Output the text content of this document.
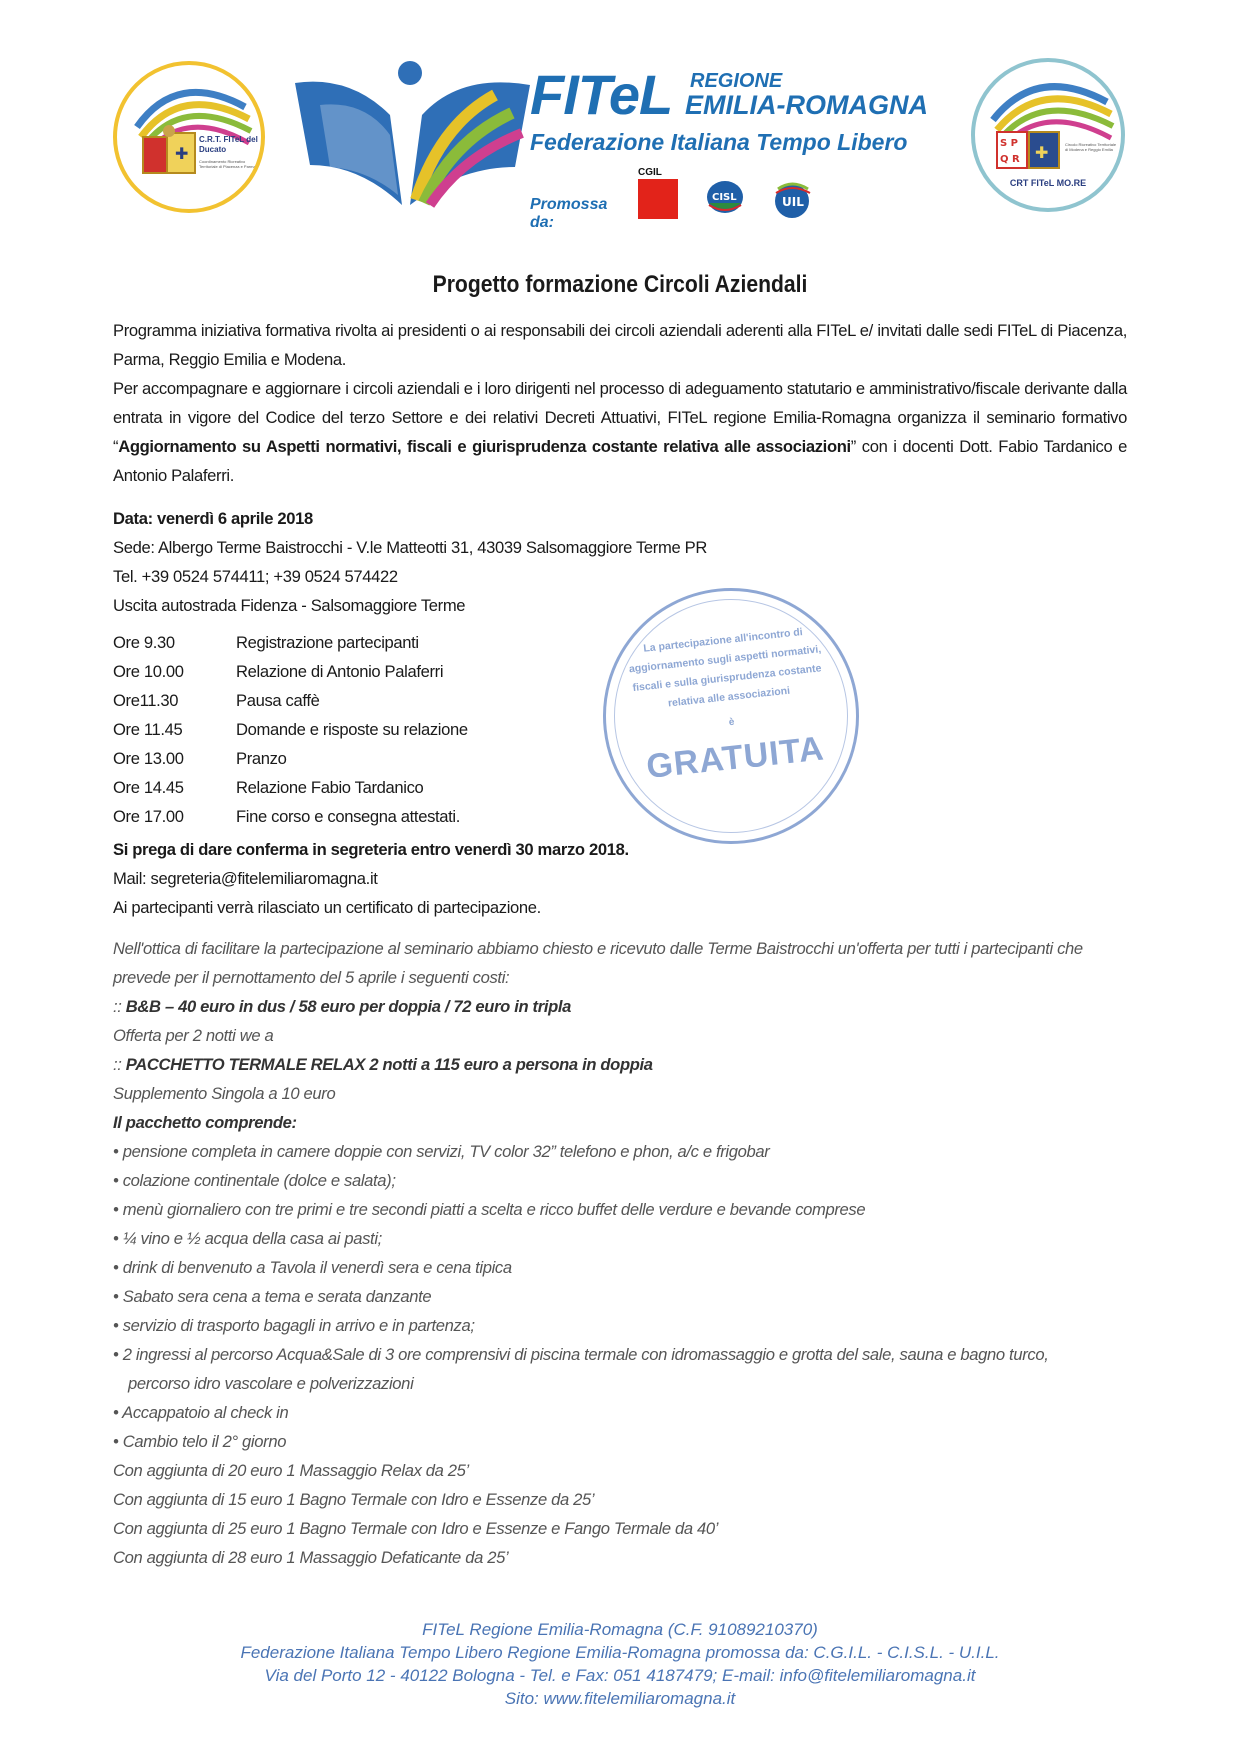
✚
C.R.T. FITeL del Ducato
Coordinamento Ricreativo Territoriale di Piacenza e Parma
FITeL REGIONE
EMILIA-ROMAGNA
Federazione Italiana Tempo Libero
Promossa da:
CGIL
CISL	UIL
S P
Q R ✚	Circolo Ricreativo Territoriale di Modena e Reggio Emilia
CRT FITeL MO.RE
La partecipazione all'incontro di aggiornamento sugli aspetti normativi, fiscali e sulla giurisprudenza costante relativa alle associazioni
è
GRATUITA
Progetto formazione Circoli Aziendali

Programma iniziativa formativa rivolta ai presidenti o ai responsabili dei circoli aziendali aderenti alla FITeL e/ invitati dalle sedi FITeL di Piacenza, Parma, Reggio Emilia e Modena.

Per accompagnare e aggiornare i circoli aziendali e i loro dirigenti nel processo di adeguamento statutario e amministrativo/fiscale derivante dalla entrata in vigore del Codice del terzo Settore e dei relativi Decreti Attuativi, FITeL regione Emilia-Romagna organizza il seminario formativo “Aggiornamento su Aspetti normativi, fiscali e giurisprudenza costante relativa alle associazioni” con i docenti Dott. Fabio Tardanico e Antonio Palaferri.

Data: venerdì 6 aprile 2018
Sede: Albergo Terme Baistrocchi - V.le Matteotti 31, 43039 Salsomaggiore Terme PR
Tel. +39 0524 574411; +39 0524 574422
Uscita autostrada Fidenza - Salsomaggiore Terme
Ore 9.30	Registrazione partecipanti
Ore 10.00	Relazione di Antonio Palaferri
Ore11.30	Pausa caffè
Ore 11.45	Domande e risposte su relazione
Ore 13.00	Pranzo
Ore 14.45	Relazione Fabio Tardanico
Ore 17.00	Fine corso e consegna attestati.
Si prega di dare conferma in segreteria entro venerdì 30 marzo 2018.
Mail: segreteria@fitelemiliaromagna.it
Ai partecipanti verrà rilasciato un certificato di partecipazione.
Nell'ottica di facilitare la partecipazione al seminario abbiamo chiesto e ricevuto dalle Terme Baistrocchi un'offerta per tutti i partecipanti che prevede per il pernottamento del 5 aprile i seguenti costi:
:: B&B – 40 euro in dus / 58 euro per doppia / 72 euro in tripla
Offerta per 2 notti we a
:: PACCHETTO TERMALE RELAX 2 notti a 115 euro a persona in doppia
Supplemento Singola a 10 euro
Il pacchetto comprende:
• pensione completa in camere doppie con servizi, TV color 32” telefono e phon, a/c e frigobar
• colazione continentale (dolce e salata);
• menù giornaliero con tre primi e tre secondi piatti a scelta e ricco buffet delle verdure e bevande comprese
• ¼ vino e ½ acqua della casa ai pasti;
• drink di benvenuto a Tavola il venerdì sera e cena tipica
• Sabato sera cena a tema e serata danzante
• servizio di trasporto bagagli in arrivo e in partenza;
• 2 ingressi al percorso Acqua&Sale di 3 ore comprensivi di piscina termale con idromassaggio e grotta del sale, sauna e bagno turco, percorso idro vascolare e polverizzazioni
• Accappatoio al check in
• Cambio telo il 2° giorno
Con aggiunta di 20 euro 1 Massaggio Relax da 25’
Con aggiunta di 15 euro 1 Bagno Termale con Idro e Essenze da 25’
Con aggiunta di 25 euro 1 Bagno Termale con Idro e Essenze e Fango Termale da 40’
Con aggiunta di 28 euro 1 Massaggio Defaticante da 25’
FITeL Regione Emilia-Romagna (C.F. 91089210370)
Federazione Italiana Tempo Libero Regione Emilia-Romagna promossa da: C.G.I.L. - C.I.S.L. - U.I.L.
Via del Porto 12 - 40122 Bologna - Tel. e Fax: 051 4187479; E-mail: info@fitelemiliaromagna.it
Sito: www.fitelemiliaromagna.it
